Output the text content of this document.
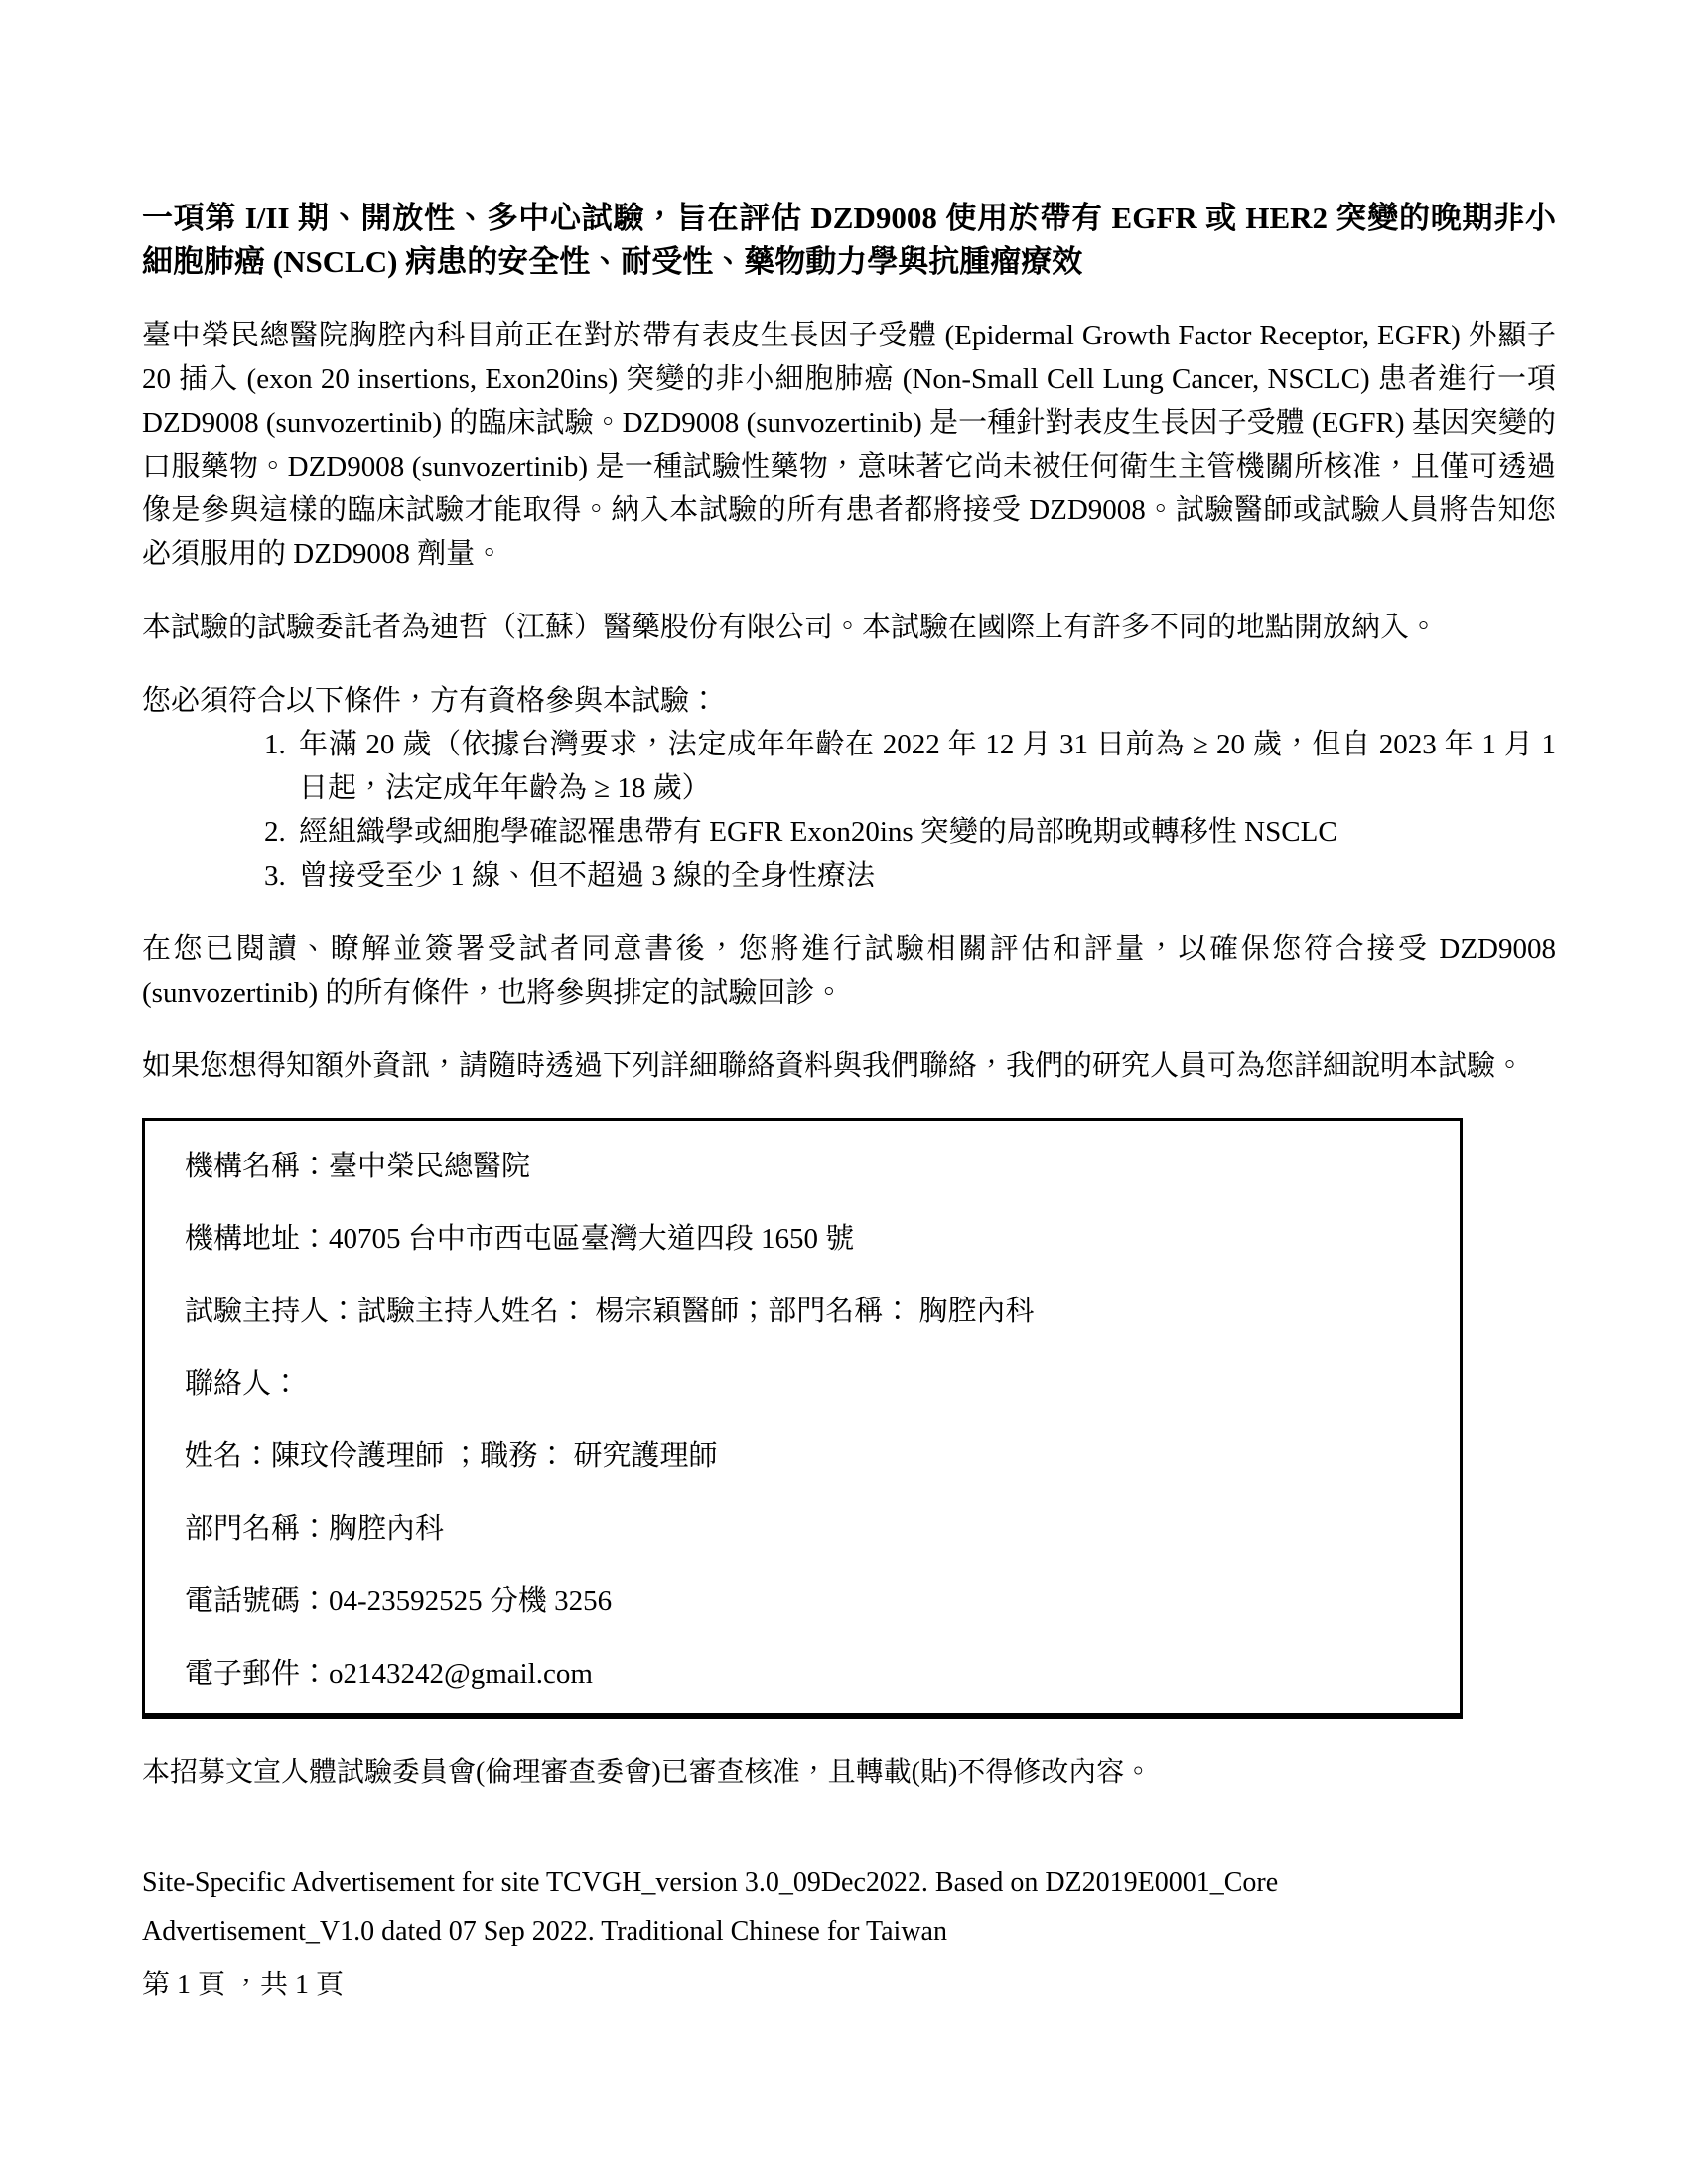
一項第 I/II 期、開放性、多中心試驗，旨在評估 DZD9008 使用於帶有 EGFR 或 HER2 突變的晚期非小細胞肺癌 (NSCLC) 病患的安全性、耐受性、藥物動力學與抗腫瘤療效

臺中榮民總醫院胸腔內科目前正在對於帶有表皮生長因子受體 (Epidermal Growth Factor Receptor, EGFR) 外顯子 20 插入 (exon 20 insertions, Exon20ins) 突變的非小細胞肺癌 (Non-Small Cell Lung Cancer, NSCLC) 患者進行一項 DZD9008 (sunvozertinib) 的臨床試驗。DZD9008 (sunvozertinib) 是一種針對表皮生長因子受體 (EGFR) 基因突變的口服藥物。DZD9008 (sunvozertinib) 是一種試驗性藥物，意味著它尚未被任何衛生主管機關所核准，且僅可透過像是參與這樣的臨床試驗才能取得。納入本試驗的所有患者都將接受 DZD9008。試驗醫師或試驗人員將告知您必須服用的 DZD9008 劑量。

本試驗的試驗委託者為迪哲（江蘇）醫藥股份有限公司。本試驗在國際上有許多不同的地點開放納入。

您必須符合以下條件，方有資格參與本試驗：

1. 年滿 20 歲（依據台灣要求，法定成年年齡在 2022 年 12 月 31 日前為 ≥ 20 歲，但自 2023 年 1 月 1 日起，法定成年年齡為 ≥ 18 歲）
2. 經組織學或細胞學確認罹患帶有 EGFR Exon20ins 突變的局部晚期或轉移性 NSCLC
3. 曾接受至少 1 線、但不超過 3 線的全身性療法

在您已閱讀、瞭解並簽署受試者同意書後，您將進行試驗相關評估和評量，以確保您符合接受 DZD9008 (sunvozertinib) 的所有條件，也將參與排定的試驗回診。

如果您想得知額外資訊，請隨時透過下列詳細聯絡資料與我們聯絡，我們的研究人員可為您詳細說明本試驗。

機構名稱：臺中榮民總醫院

機構地址：40705 台中市西屯區臺灣大道四段 1650 號

試驗主持人：試驗主持人姓名： 楊宗穎醫師；部門名稱： 胸腔內科

聯絡人：

姓名：陳玟伶護理師 ；職務： 研究護理師

部門名稱：胸腔內科

電話號碼：04-23592525 分機 3256

電子郵件：o2143242@gmail.com

本招募文宣人體試驗委員會(倫理審查委會)已審查核准，且轉載(貼)不得修改內容。

Site-Specific Advertisement for site TCVGH_version 3.0_09Dec2022. Based on DZ2019E0001_Core
Advertisement_V1.0 dated 07 Sep 2022. Traditional Chinese for Taiwan
第 1 頁 ，共 1 頁
